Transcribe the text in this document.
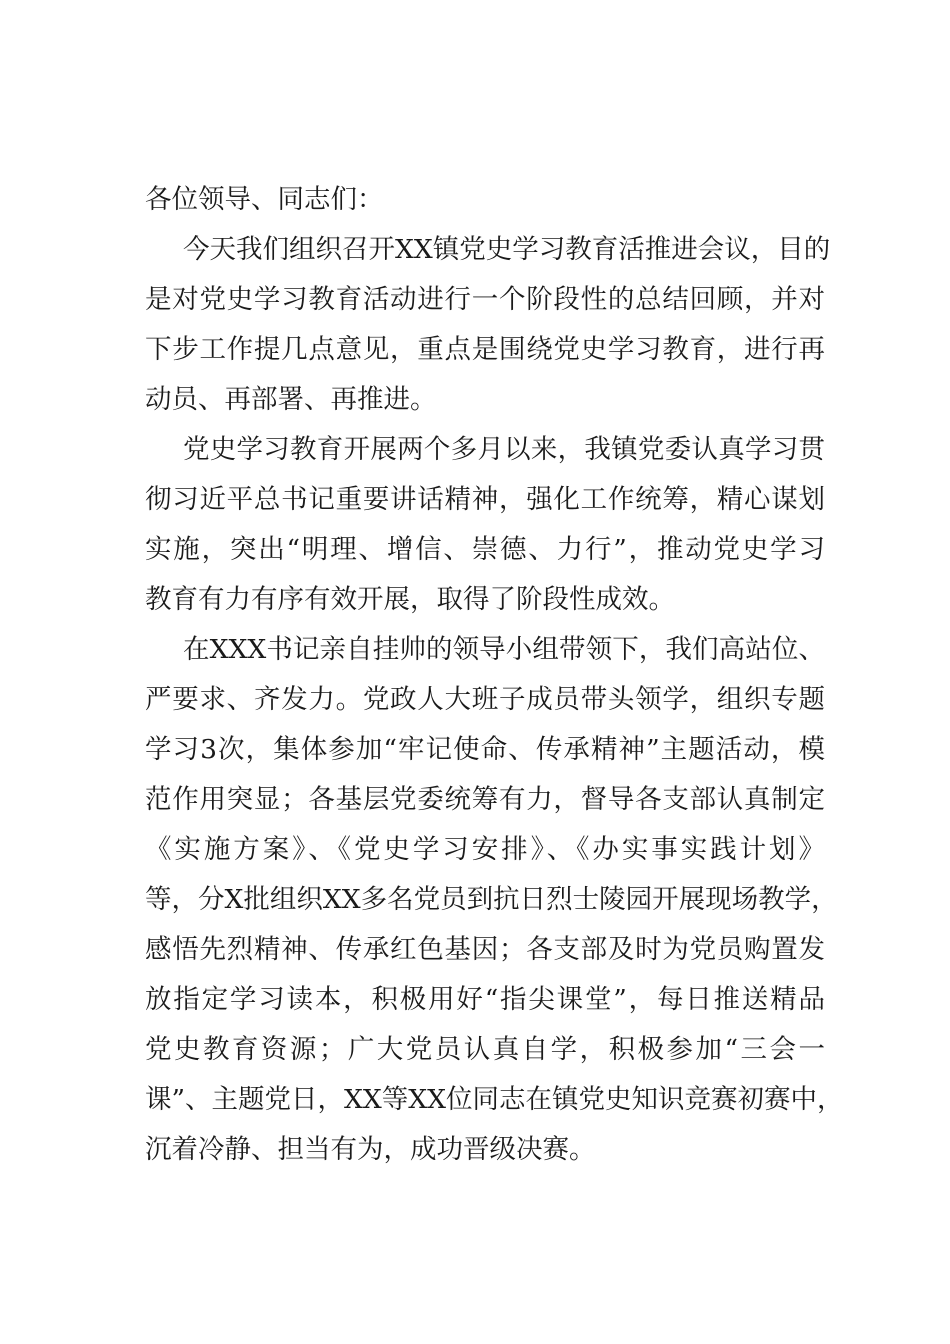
各位领导、同志们：
今天我们组织召开XX镇党史学习教育活推进会议，目的
是对党史学习教育活动进行一个阶段性的总结回顾，并对
下步工作提几点意见，重点是围绕党史学习教育，进行再
动员、再部署、再推进。
党史学习教育开展两个多月以来，我镇党委认真学习贯
彻习近平总书记重要讲话精神，强化工作统筹，精心谋划
实施，突出“明理、增信、崇德、力行”，推动党史学习
教育有力有序有效开展，取得了阶段性成效。
在XXX书记亲自挂帅的领导小组带领下，我们高站位、
严要求、齐发力。党政人大班子成员带头领学，组织专题
学习3次，集体参加“牢记使命、传承精神”主题活动，模
范作用突显；各基层党委统筹有力，督导各支部认真制定
《实施方案》、《党史学习安排》、《办实事实践计划》
等，分X批组织XX多名党员到抗日烈士陵园开展现场教学，
感悟先烈精神、传承红色基因；各支部及时为党员购置发
放指定学习读本，积极用好“指尖课堂”，每日推送精品
党史教育资源；广大党员认真自学，积极参加“三会一
课”、主题党日，XX等XX位同志在镇党史知识竞赛初赛中，
沉着冷静、担当有为，成功晋级决赛。
